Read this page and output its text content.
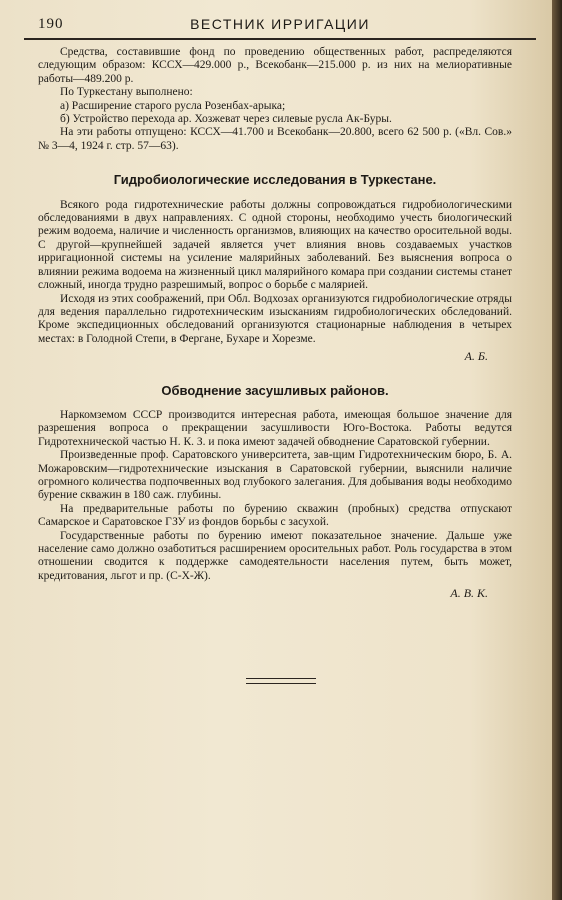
190	ВЕСТНИК ИРРИГАЦИИ

Средства, составившие фонд по проведению общественных работ, распределяются следующим образом: КССХ—429.000 р., Всекобанк—215.000 р. из них на мелиоративные работы—489.200 р.

По Туркестану выполнено:

а) Расширение старого русла Розенбах-арыка;

б) Устройство перехода ар. Хозжеват через силевые русла Ак-Буры.

На эти работы отпущено: КССХ—41.700 и Всекобанк—20.800, всего 62 500 р. («Вл. Сов.» № 3—4, 1924 г. стр. 57—63).

Гидробиологические исследования в Туркестане.

Всякого рода гидротехнические работы должны сопровождаться гидробиологическими обследованиями в двух направлениях. С одной стороны, необходимо учесть биологический режим водоема, наличие и численность организмов, влияющих на качество оросительной воды. С другой—крупнейшей задачей является учет влияния вновь создаваемых участков ирригационной системы на усиление малярийных заболеваний. Без выяснения вопроса о влиянии режима водоема на жизненный цикл малярийного комара при создании системы станет сложный, иногда трудно разрешимый, вопрос о борьбе с малярией.

Исходя из этих соображений, при Обл. Водхозах организуются гидробиологические отряды для ведения параллельно гидротехническим изысканиям гидробиологических обследований. Кроме экспедиционных обследований организуются стационарные наблюдения в четырех местах: в Голодной Степи, в Фергане, Бухаре и Хорезме.

А. Б.
Обводнение засушливых районов.

Наркомземом СССР производится интересная работа, имеющая большое значение для разрешения вопроса о прекращении засушливости Юго-Востока. Работы ведутся Гидротехнической частью Н. К. З. и пока имеют задачей обводнение Саратовской губернии.

Произведенные проф. Саратовского университета, зав-щим Гидротехническим бюро, Б. А. Можаровским—гидротехнические изыскания в Саратовской губернии, выяснили наличие огромного количества подпочвенных вод глубокого залегания. Для добывания воды необходимо бурение скважин в 180 саж. глубины.

На предварительные работы по бурению скважин (пробных) средства отпускают Самарское и Саратовское ГЗУ из фондов борьбы с засухой.

Государственные работы по бурению имеют показательное значение. Дальше уже население само должно озаботиться расширением оросительных работ. Роль государства в этом отношении сводится к поддержке самодеятельности населения путем, быть может, кредитования, льгот и пр. (С-Х-Ж).

А. В. К.
